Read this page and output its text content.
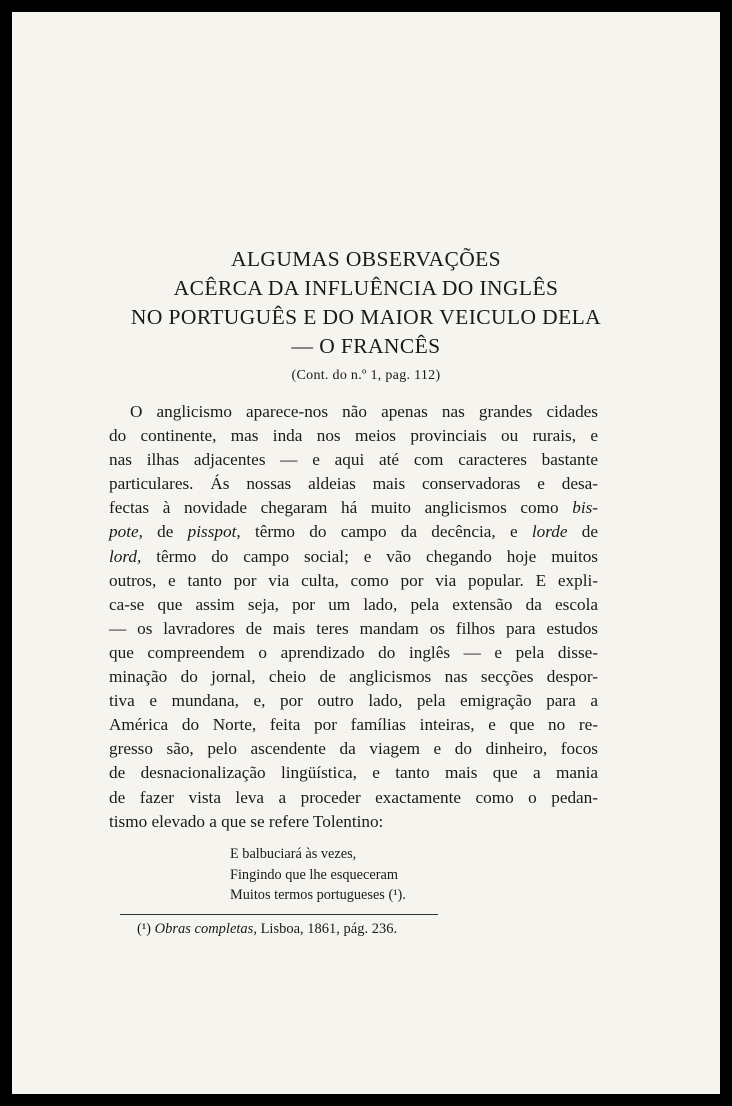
ALGUMAS OBSERVAÇÕES
ACÊRCA DA INFLUÊNCIA DO INGLÊS
NO PORTUGUÊS E DO MAIOR VEICULO DELA
— O FRANCÊS
(Cont. do n.º 1, pag. 112)
O anglicismo aparece-nos não apenas nas grandes cidades
do continente, mas inda nos meios provinciais ou rurais, e
nas ilhas adjacentes — e aqui até com caracteres bastante
particulares. Ás nossas aldeias mais conservadoras e desa-
fectas à novidade chegaram há muito anglicismos como bis-
pote, de pisspot, têrmo do campo da decência, e lorde de
lord, têrmo do campo social; e vão chegando hoje muitos
outros, e tanto por via culta, como por via popular. E expli-
ca-se que assim seja, por um lado, pela extensão da escola
— os lavradores de mais teres mandam os filhos para estudos
que compreendem o aprendizado do inglês — e pela disse-
minação do jornal, cheio de anglicismos nas secções despor-
tiva e mundana, e, por outro lado, pela emigração para a
América do Norte, feita por famílias inteiras, e que no re-
gresso são, pelo ascendente da viagem e do dinheiro, focos
de desnacionalização lingüística, e tanto mais que a mania
de fazer vista leva a proceder exactamente como o pedan-
tismo elevado a que se refere Tolentino:
E balbuciará às vezes,
Fingindo que lhe esqueceram
Muitos termos portugueses (¹).
(¹) Obras completas, Lisboa, 1861, pág. 236.
